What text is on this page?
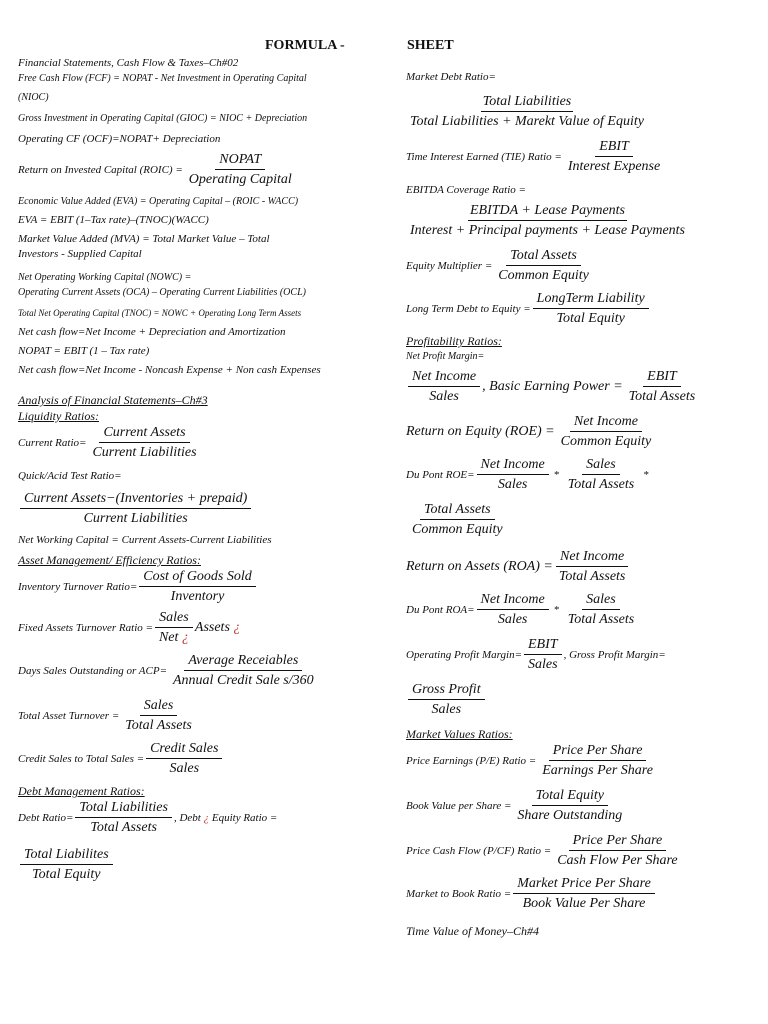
FORMULA -	SHEET
Financial Statements, Cash Flow & Taxes–Ch#02
Free Cash Flow (FCF) = NOPAT - Net Investment in Operating Capital
(NIOC)
Gross Investment in Operating Capital (GIOC) = NIOC + Depreciation
Operating CF (OCF)=NOPAT+ Depreciation
Return on Invested Capital (ROIC) = $\frac{\text{NOPAT}}{\text{Operating Capital}}$
Economic Value Added (EVA) = Operating Capital – (ROIC - WACC)
EVA = EBIT (1–Tax rate)–(TNOC)(WACC)
Market Value Added (MVA) = Total Market Value – Total
Investors - Supplied Capital
Net Operating Working Capital (NOWC) =
Operating Current Assets (OCA) – Operating Current Liabilities (OCL)
Total Net Operating Capital (TNOC) = NOWC + Operating Long Term Assets
Net cash flow=Net Income + Depreciation and Amortization
NOPAT = EBIT (1 – Tax rate)
Net cash flow=Net Income - Noncash Expense + Non cash Expenses
Analysis of Financial Statements–Ch#3
Liquidity Ratios:
Current Ratio= $\frac{\text{Current Assets}}{\text{Current Liabilities}}$
Quick/Acid Test Ratio=
$\frac{\text{Current Assets−(Inventories + prepaid)}}{\text{Current Liabilities}}$
Net Working Capital = Current Assets-Current Liabilities
Asset Management/ Efficiency Ratios:
Inventory Turnover Ratio= $\frac{\text{Cost of Goods Sold}}{\text{Inventory}}$
Fixed Assets Turnover Ratio = $\frac{\text{Sales}}{\text{Net ¿}}$ Assets ¿
Days Sales Outstanding or $ACP= \frac{\text{Average Receiables}}{\text{Annual Credit Sale s/360}}$
Total Asset Turnover = $\frac{\text{Sales}}{\text{Total Assets}}$
Credit Sales to Total Sales = $\frac{\text{Credit Sales}}{\text{Sales}}$
Debt Management Ratios:
Debt Ratio= $\frac{\text{Total Liabilities}}{\text{Total Assets}}$ , Debt ¿ Equity Ratio =
$\frac{\text{Total Liabilites}}{\text{Total Equity}}$
Market Debt Ratio=
$\frac{\text{Total Liabilities}}{\text{Total Liabilities + Marekt Value of Equity}}$
Time Interest Earned (TIE) Ratio = $\frac{\text{EBIT}}{\text{Interest Expense}}$
EBITDA Coverage Ratio =
$\frac{\text{EBITDA + Lease Payments}}{\text{Interest + Principal payments + Lease Payments}}$
Equity Multiplier = $\frac{\text{Total Assets}}{\text{Common Equity}}$
Long Term Debt to Equity = $\frac{\text{LongTerm Liability}}{\text{Total Equity}}$
Profitability Ratios:
Net Profit Margin=
$\frac{\text{Net Income}}{\text{Sales}}$ , Basic Earning Power = $\frac{\text{EBIT}}{\text{Total Assets}}$
Return on Equity $(ROE) = \frac{\text{Net Income}}{\text{Common Equity}}$
Du Pont $ROE= \frac{\text{Net Income}}{\text{Sales}} * \frac{\text{Sales}}{\text{Total Assets}}$ *
$\frac{\text{Total Assets}}{\text{Common Equity}}$
Return on Assets $(ROA) = \frac{\text{Net Income}}{\text{Total Assets}}$
Du Pont $ROA= \frac{\text{Net Income}}{\text{Sales}} * \frac{\text{Sales}}{\text{Total Assets}}$
Operating Profit Margin= $\frac{\text{EBIT}}{\text{Sales}}$ , Gross Profit Margin=
$\frac{\text{Gross Profit}}{\text{Sales}}$
Market Values Ratios:
Price Earnings (P/E) Ratio = $\frac{\text{Price Per Share}}{\text{Earnings Per Share}}$
Book Value per Share = $\frac{\text{Total Equity}}{\text{Share Outstanding}}$
Price Cash Flow (P/CF) Ratio = $\frac{\text{Price Per Share}}{\text{Cash Flow Per Share}}$
Market to Book Ratio = $\frac{\text{Market Price Per Share}}{\text{Book Value Per Share}}$
Time Value of Money–Ch#4
